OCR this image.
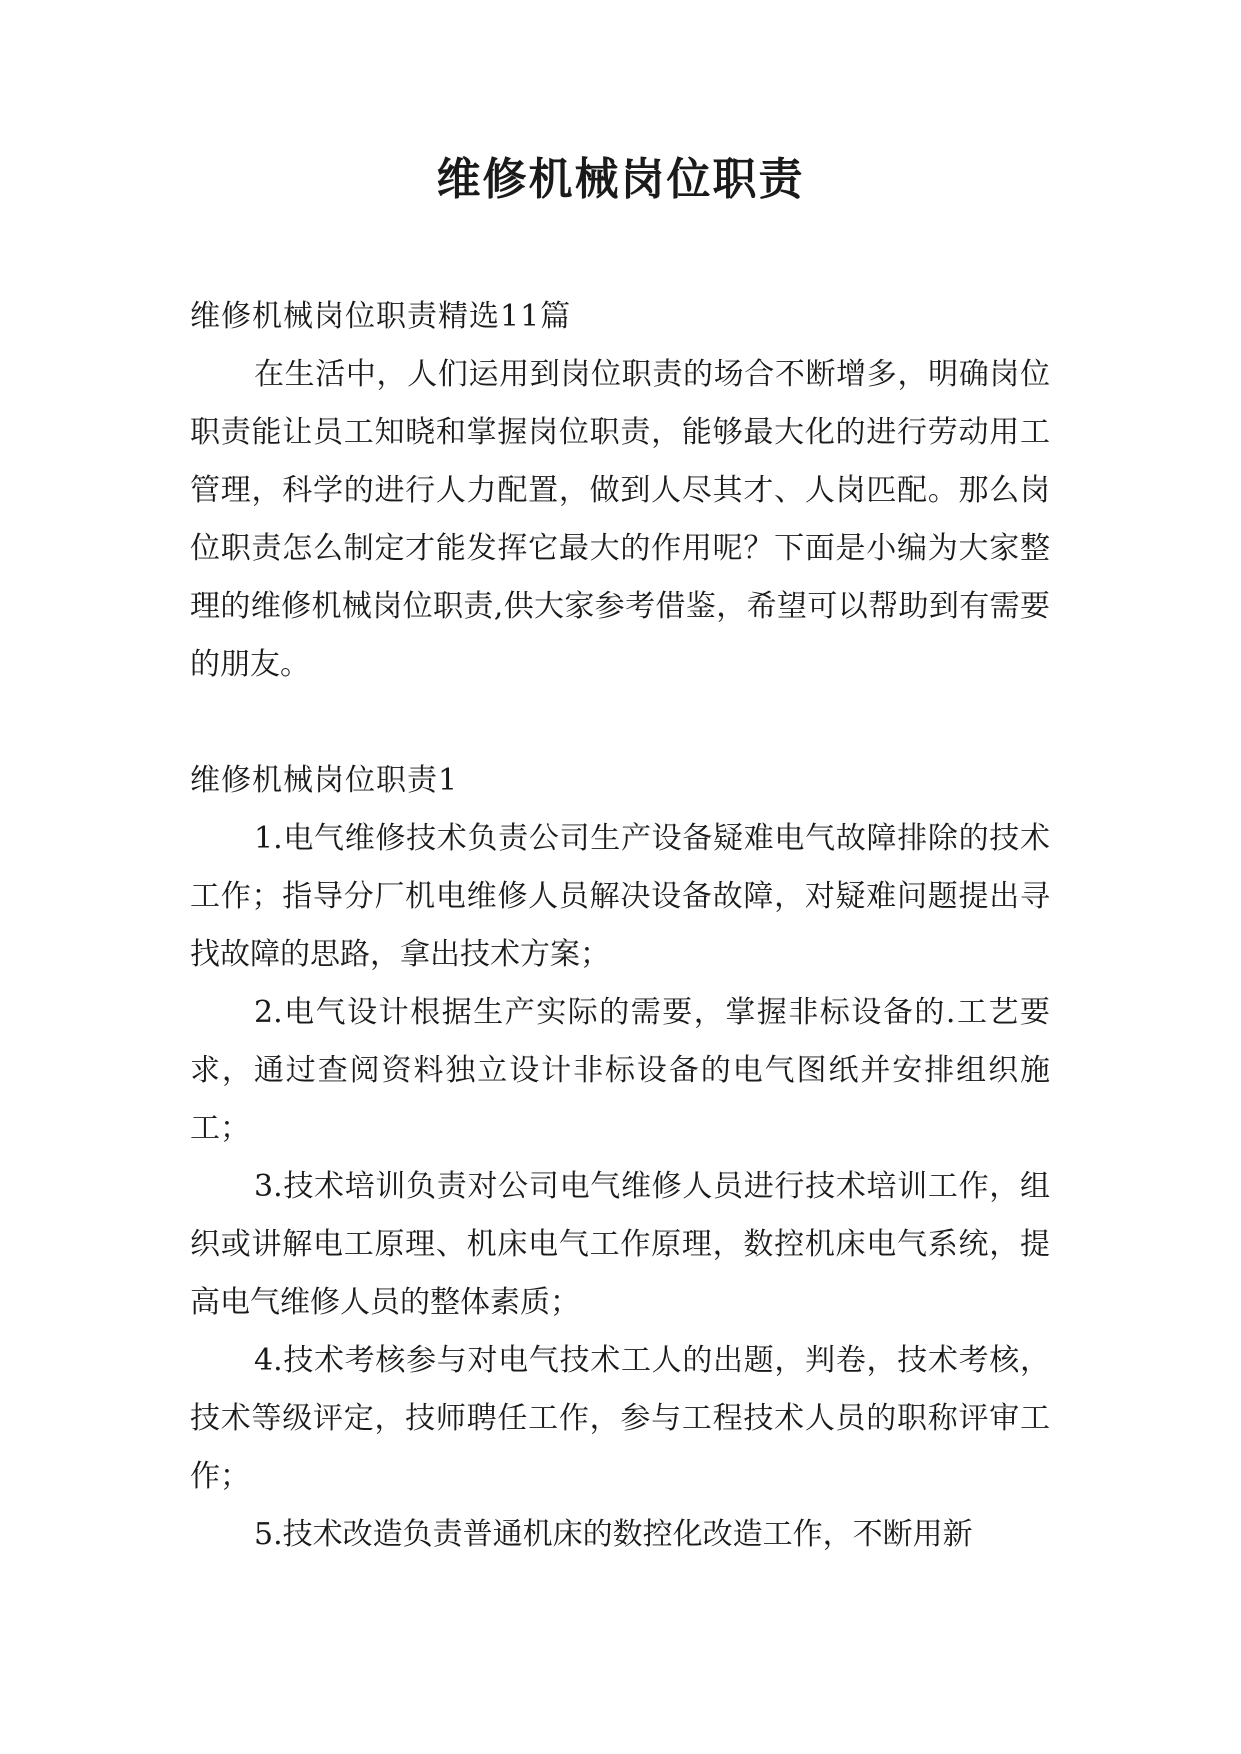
维修机械岗位职责

维修机械岗位职责精选11篇

在生活中，人们运用到岗位职责的场合不断增多，明确岗位职责能让员工知晓和掌握岗位职责，能够最大化的进行劳动用工管理，科学的进行人力配置，做到人尽其才、人岗匹配。那么岗位职责怎么制定才能发挥它最大的作用呢？下面是小编为大家整理的维修机械岗位职责,供大家参考借鉴，希望可以帮助到有需要的朋友。

维修机械岗位职责1

1.电气维修技术负责公司生产设备疑难电气故障排除的技术工作；指导分厂机电维修人员解决设备故障，对疑难问题提出寻找故障的思路，拿出技术方案；

2.电气设计根据生产实际的需要，掌握非标设备的.工艺要求，通过查阅资料独立设计非标设备的电气图纸并安排组织施工；

3.技术培训负责对公司电气维修人员进行技术培训工作，组织或讲解电工原理、机床电气工作原理，数控机床电气系统，提高电气维修人员的整体素质；

4.技术考核参与对电气技术工人的出题，判卷，技术考核，技术等级评定，技师聘任工作，参与工程技术人员的职称评审工作；

5.技术改造负责普通机床的数控化改造工作，不断用新
